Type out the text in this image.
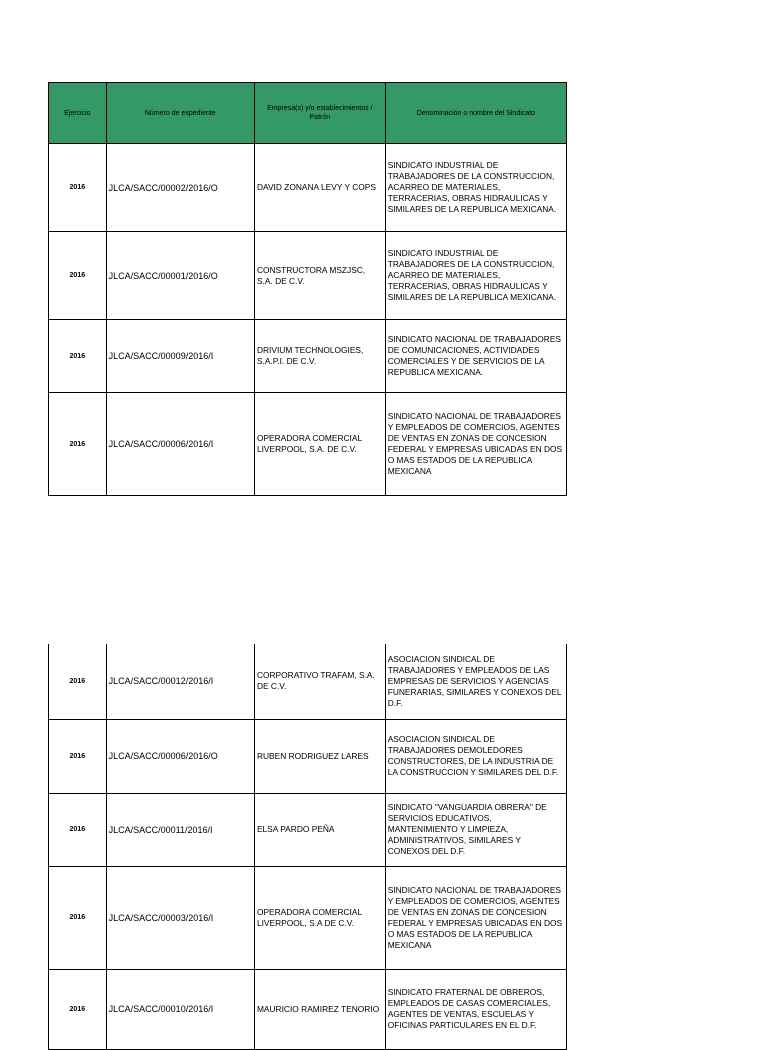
Ejercicio	Número de expediente	Empresa(s) y/o establecimientos / Patrón	Denominación o nombre del Sindicato
2016	JLCA/SACC/00002/2016/O	DAVID ZONANA LEVY Y COPS	SINDICATO INDUSTRIAL DE TRABAJADORES DE LA CONSTRUCCION, ACARREO DE MATERIALES, TERRACERIAS, OBRAS HIDRAULICAS Y SIMILARES DE LA REPUBLICA MEXICANA.
2016	JLCA/SACC/00001/2016/O	CONSTRUCTORA MSZJSC, S.A. DE C.V.	SINDICATO INDUSTRIAL DE TRABAJADORES DE LA CONSTRUCCION, ACARREO DE MATERIALES, TERRACERIAS, OBRAS HIDRAULICAS Y SIMILARES DE LA REPUBLICA MEXICANA.
2016	JLCA/SACC/00009/2016/I	DRIVIUM TECHNOLOGIES, S.A.P.I. DE C.V.	SINDICATO NACIONAL DE TRABAJADORES DE COMUNICACIONES, ACTIVIDADES COMERCIALES Y DE SERVICIOS DE LA REPUBLICA MEXICANA.
2016	JLCA/SACC/00006/2016/I	OPERADORA COMERCIAL LIVERPOOL, S.A. DE C.V.	SINDICATO NACIONAL DE TRABAJADORES Y EMPLEADOS DE COMERCIOS, AGENTES DE VENTAS EN ZONAS DE CONCESION FEDERAL Y EMPRESAS UBICADAS EN DOS O MAS ESTADOS DE LA REPUBLICA MEXICANA
2016	JLCA/SACC/00012/2016/I	CORPORATIVO TRAFAM, S.A. DE C.V.	ASOCIACION SINDICAL DE TRABAJADORES Y EMPLEADOS DE LAS EMPRESAS DE SERVICIOS Y AGENCIAS FUNERARIAS, SIMILARES Y CONEXOS DEL D.F.
2016	JLCA/SACC/00006/2016/O	RUBEN RODRIGUEZ LARES	ASOCIACION SINDICAL DE TRABAJADORES DEMOLEDORES CONSTRUCTORES, DE LA INDUSTRIA DE LA CONSTRUCCION Y SIMILARES DEL D.F.
2016	JLCA/SACC/00011/2016/I	ELSA PARDO PEÑA	SINDICATO "VANGUARDIA OBRERA" DE SERVICIOS EDUCATIVOS, MANTENIMIENTO Y LIMPIEZA, ADMINISTRATIVOS, SIMILARES Y CONEXOS DEL D.F.
2016	JLCA/SACC/00003/2016/I	OPERADORA COMERCIAL LIVERPOOL, S.A DE C.V.	SINDICATO NACIONAL DE TRABAJADORES Y EMPLEADOS DE COMERCIOS, AGENTES DE VENTAS EN ZONAS DE CONCESION FEDERAL Y EMPRESAS UBICADAS EN DOS O MAS ESTADOS DE LA REPUBLICA MEXICANA
2016	JLCA/SACC/00010/2016/I	MAURICIO RAMIREZ TENORIO	SINDICATO FRATERNAL DE OBREROS, EMPLEADOS DE CASAS COMERCIALES, AGENTES DE VENTAS, ESCUELAS Y OFICINAS PARTICULARES EN EL D.F.
